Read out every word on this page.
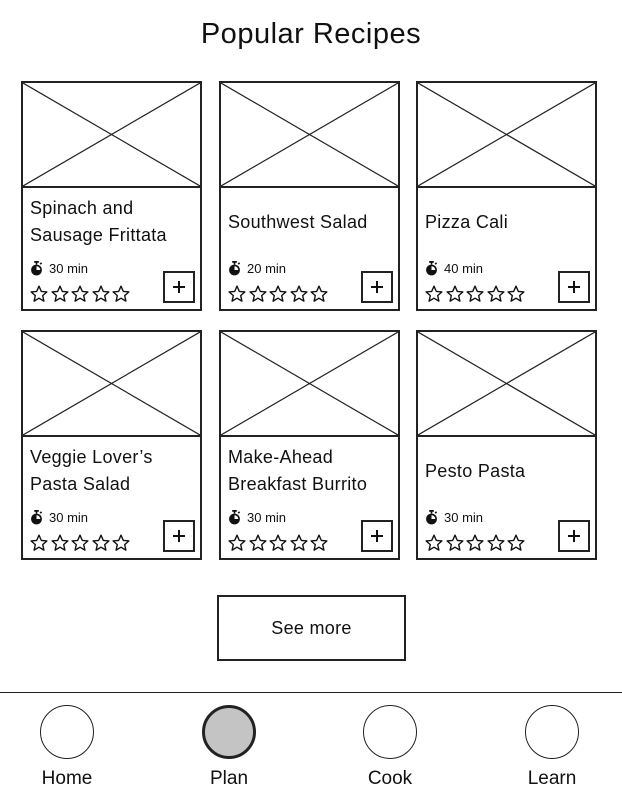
Popular Recipes
Spinach and Sausage Frittata
30 min
Southwest Salad
20 min
Pizza Cali
40 min
Veggie Lover’s Pasta Salad
30 min
Make-Ahead Breakfast Burrito
30 min
Pesto Pasta
30 min
See more
Home	Plan	Cook	Learn
